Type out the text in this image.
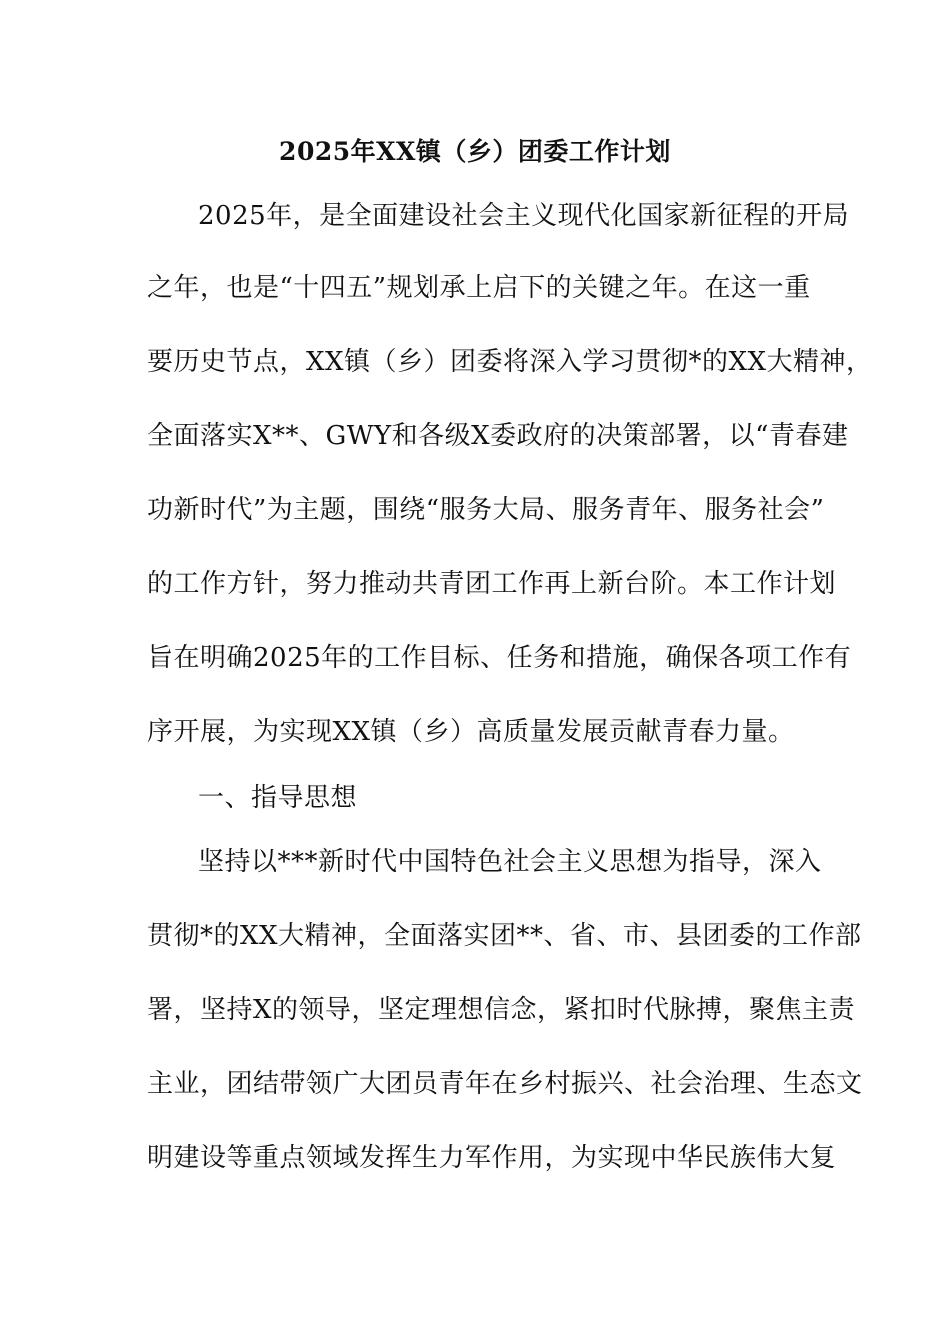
2025年XX镇（乡）团委工作计划
2025年，是全面建设社会主义现代化国家新征程的开局
之年，也是“十四五”规划承上启下的关键之年。在这一重
要历史节点，XX镇（乡）团委将深入学习贯彻*的XX大精神，
全面落实X**、GWY和各级X委政府的决策部署，以“青春建
功新时代”为主题，围绕“服务大局、服务青年、服务社会”
的工作方针，努力推动共青团工作再上新台阶。本工作计划
旨在明确2025年的工作目标、任务和措施，确保各项工作有
序开展，为实现XX镇（乡）高质量发展贡献青春力量。
一、指导思想
坚持以***新时代中国特色社会主义思想为指导，深入
贯彻*的XX大精神，全面落实团**、省、市、县团委的工作部
署，坚持X的领导，坚定理想信念，紧扣时代脉搏，聚焦主责
主业，团结带领广大团员青年在乡村振兴、社会治理、生态文
明建设等重点领域发挥生力军作用，为实现中华民族伟大复
